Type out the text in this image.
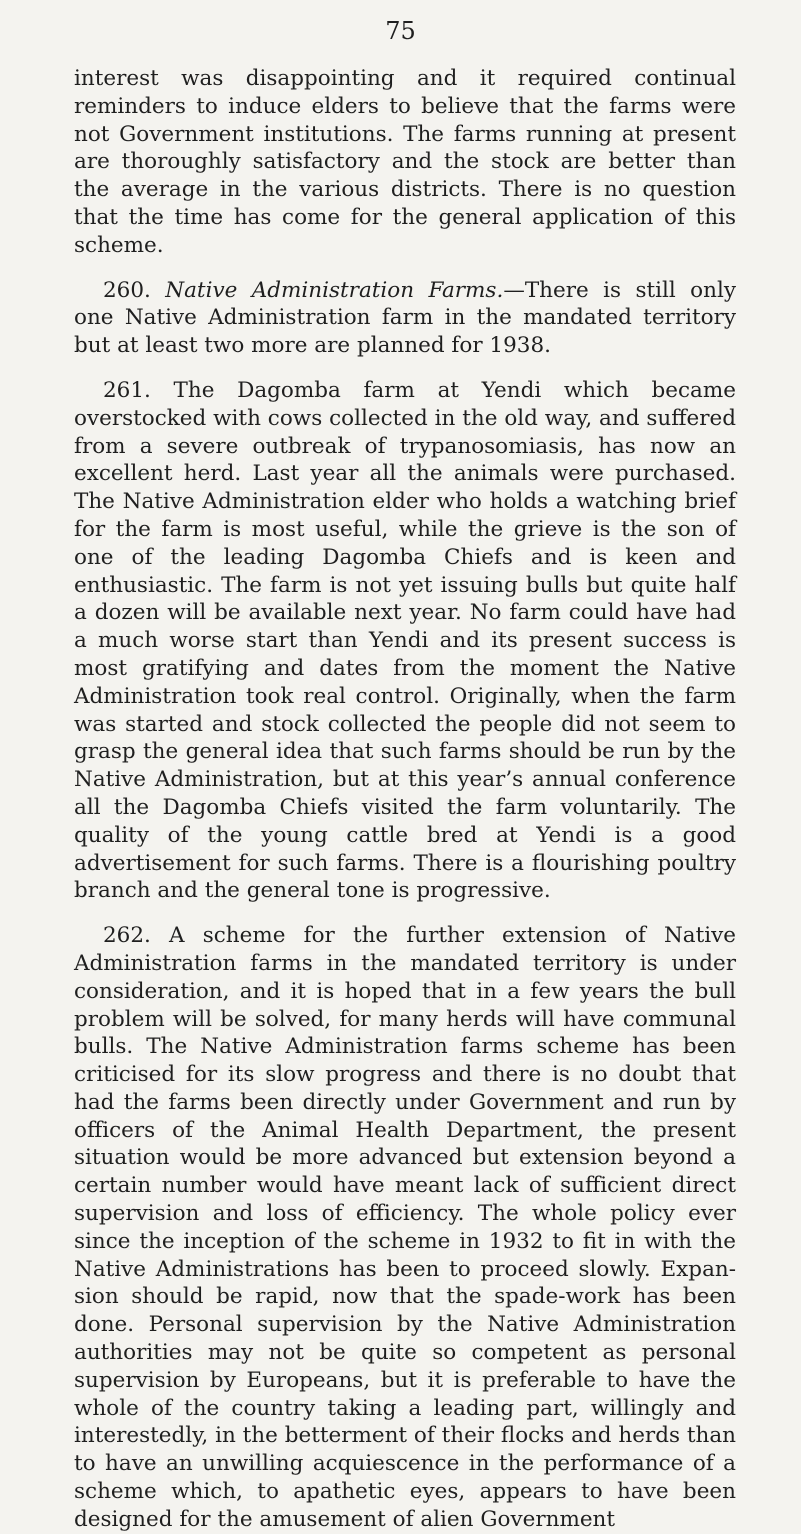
75

interest was disappointing and it required continual reminders to induce elders to believe that the farms were not Government institutions. The farms running at present are thoroughly satisfactory and the stock are better than the average in the various districts. There is no question that the time has come for the general application of this scheme.

260. Native Administration Farms.—There is still only one Native Administration farm in the mandated territory but at least two more are planned for 1938.

261. The Dagomba farm at Yendi which became overstocked with cows collected in the old way, and suffered from a severe outbreak of trypanosomiasis, has now an excellent herd. Last year all the animals were purchased. The Native Administration elder who holds a watching brief for the farm is most useful, while the grieve is the son of one of the leading Dagomba Chiefs and is keen and enthusiastic. The farm is not yet issuing bulls but quite half a dozen will be available next year. No farm could have had a much worse start than Yendi and its present success is most gratifying and dates from the moment the Native Administration took real control. Originally, when the farm was started and stock collected the people did not seem to grasp the general idea that such farms should be run by the Native Administration, but at this year’s annual conference all the Dagomba Chiefs visited the farm voluntarily. The quality of the young cattle bred at Yendi is a good advertisement for such farms. There is a flourishing poultry branch and the general tone is progressive.

262. A scheme for the further extension of Native Administration farms in the mandated territory is under consideration, and it is hoped that in a few years the bull problem will be solved, for many herds will have communal bulls. The Native Administration farms scheme has been criticised for its slow progress and there is no doubt that had the farms been directly under Government and run by officers of the Animal Health Department, the present situation would be more advanced but extension beyond a certain number would have meant lack of sufficient direct supervision and loss of efficiency. The whole policy ever since the inception of the scheme in 1932 to fit in with the Native Administrations has been to proceed slowly. Expansion should be rapid, now that the spade-work has been done. Personal supervision by the Native Administration authorities may not be quite so competent as personal supervision by Europeans, but it is preferable to have the whole of the country taking a leading part, willingly and interestedly, in the betterment of their flocks and herds than to have an unwilling acquiescence in the performance of a scheme which, to apathetic eyes, appears to have been designed for the amusement of alien Government
